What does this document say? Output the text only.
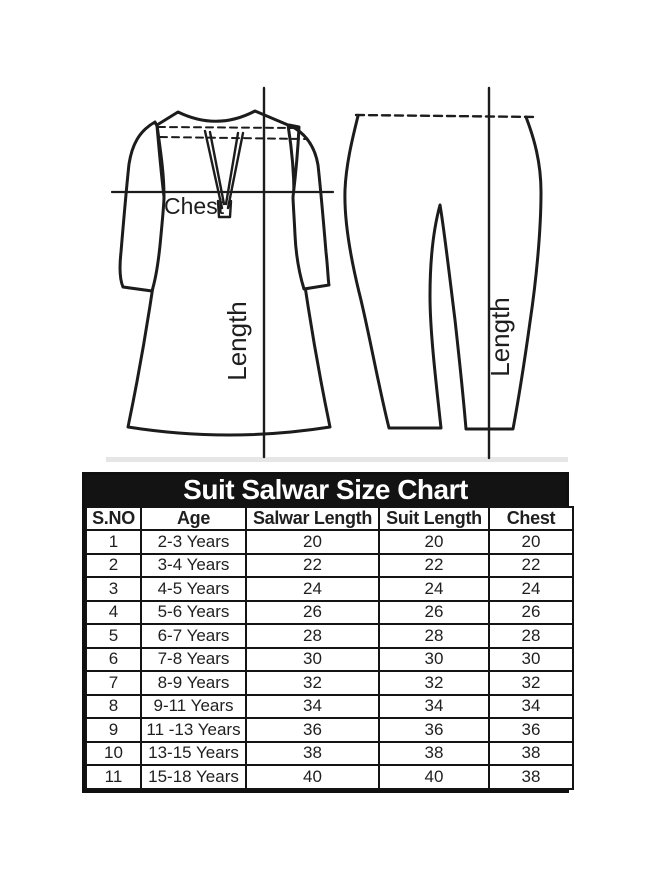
Chest
Length	Length
Suit Salwar Size Chart
S.NO	Age	Salwar Length	Suit Length	Chest
1	2-3 Years	20	20	20
2	3-4 Years	22	22	22
3	4-5 Years	24	24	24
4	5-6 Years	26	26	26
5	6-7 Years	28	28	28
6	7-8 Years	30	30	30
7	8-9 Years	32	32	32
8	9-11 Years	34	34	34
9	11 -13 Years	36	36	36
10	13-15 Years	38	38	38
11	15-18 Years	40	40	38
